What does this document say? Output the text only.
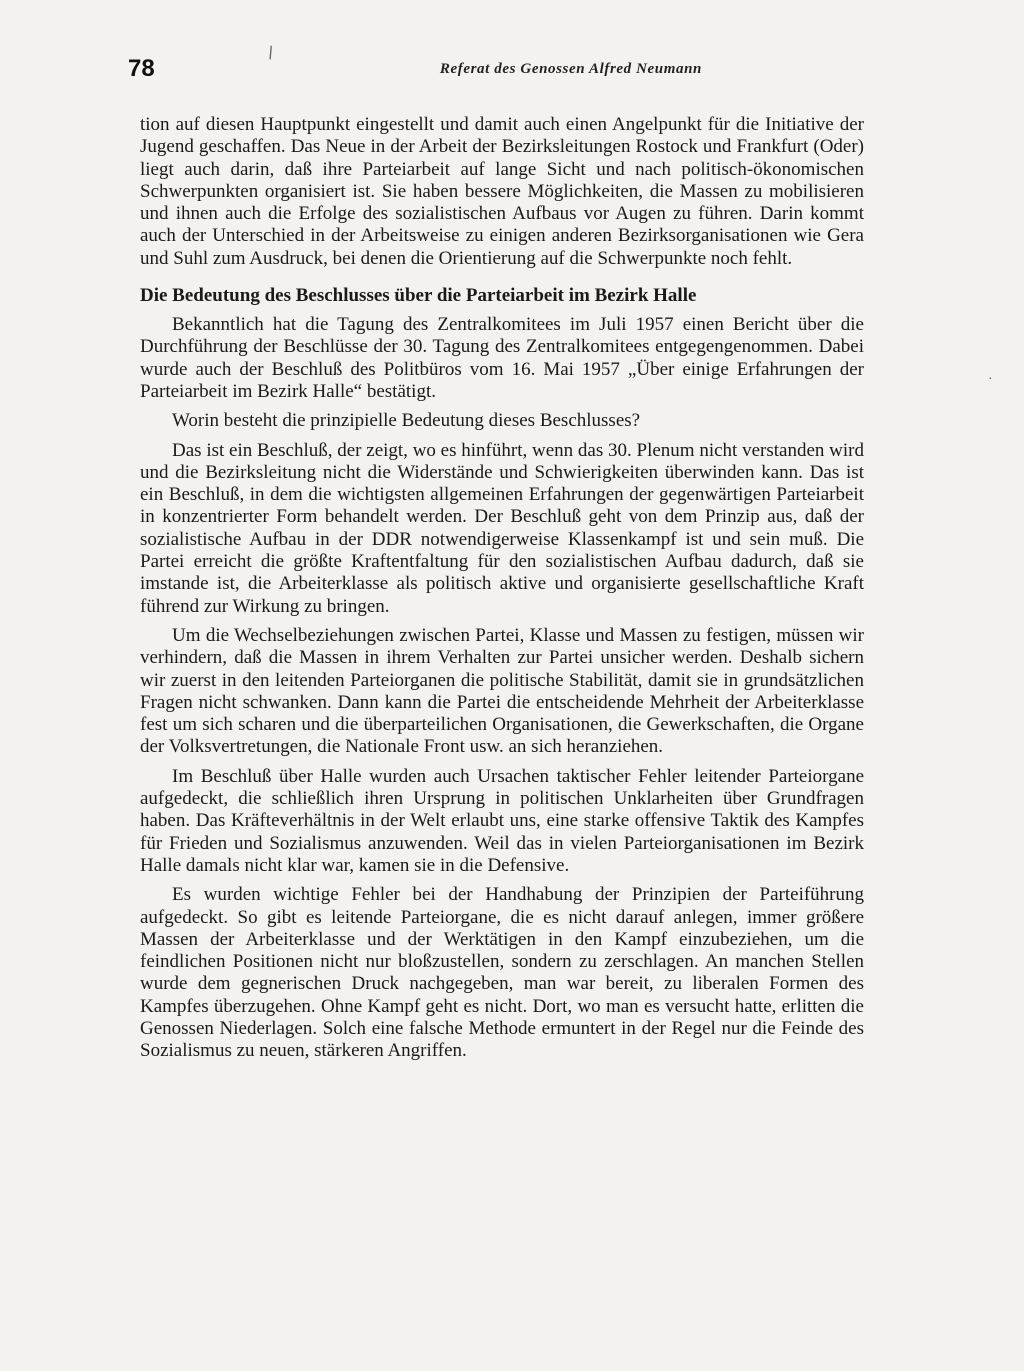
78	Referat des Genossen Alfred Neumann
\
·

tion auf diesen Hauptpunkt eingestellt und damit auch einen Angelpunkt für die Initiative der Jugend geschaffen. Das Neue in der Arbeit der Bezirksleitungen Rostock und Frankfurt (Oder) liegt auch darin, daß ihre Parteiarbeit auf lange Sicht und nach politisch-ökonomischen Schwerpunkten organisiert ist. Sie haben bessere Möglichkeiten, die Massen zu mobilisieren und ihnen auch die Erfolge des sozialistischen Aufbaus vor Augen zu führen. Darin kommt auch der Unterschied in der Arbeitsweise zu einigen anderen Bezirksorganisationen wie Gera und Suhl zum Ausdruck, bei denen die Orientierung auf die Schwerpunkte noch fehlt.

Die Bedeutung des Beschlusses über die Parteiarbeit im Bezirk Halle

Bekanntlich hat die Tagung des Zentralkomitees im Juli 1957 einen Bericht über die Durchführung der Beschlüsse der 30. Tagung des Zentralkomitees entgegengenommen. Dabei wurde auch der Beschluß des Politbüros vom 16. Mai 1957 „Über einige Erfahrungen der Parteiarbeit im Bezirk Halle“ bestätigt.

Worin besteht die prinzipielle Bedeutung dieses Beschlusses?

Das ist ein Beschluß, der zeigt, wo es hinführt, wenn das 30. Plenum nicht verstanden wird und die Bezirksleitung nicht die Widerstände und Schwierigkeiten überwinden kann. Das ist ein Beschluß, in dem die wichtigsten allgemeinen Erfahrungen der gegenwärtigen Parteiarbeit in konzentrierter Form behandelt werden. Der Beschluß geht von dem Prinzip aus, daß der sozialistische Aufbau in der DDR notwendigerweise Klassenkampf ist und sein muß. Die Partei erreicht die größte Kraftentfaltung für den sozialistischen Aufbau dadurch, daß sie imstande ist, die Arbeiterklasse als politisch aktive und organisierte gesellschaftliche Kraft führend zur Wirkung zu bringen.

Um die Wechselbeziehungen zwischen Partei, Klasse und Massen zu festigen, müssen wir verhindern, daß die Massen in ihrem Verhalten zur Partei unsicher werden. Deshalb sichern wir zuerst in den leitenden Parteiorganen die politische Stabilität, damit sie in grundsätzlichen Fragen nicht schwanken. Dann kann die Partei die entscheidende Mehrheit der Arbeiterklasse fest um sich scharen und die überparteilichen Organisationen, die Gewerkschaften, die Organe der Volksvertretungen, die Nationale Front usw. an sich heranziehen.

Im Beschluß über Halle wurden auch Ursachen taktischer Fehler leitender Parteiorgane aufgedeckt, die schließlich ihren Ursprung in politischen Unklarheiten über Grundfragen haben. Das Kräfteverhältnis in der Welt erlaubt uns, eine starke offensive Taktik des Kampfes für Frieden und Sozialismus anzuwenden. Weil das in vielen Parteiorganisationen im Bezirk Halle damals nicht klar war, kamen sie in die Defensive.

Es wurden wichtige Fehler bei der Handhabung der Prinzipien der Parteiführung aufgedeckt. So gibt es leitende Parteiorgane, die es nicht darauf anlegen, immer größere Massen der Arbeiterklasse und der Werktätigen in den Kampf einzubeziehen, um die feindlichen Positionen nicht nur bloßzustellen, sondern zu zerschlagen. An manchen Stellen wurde dem gegnerischen Druck nachgegeben, man war bereit, zu liberalen Formen des Kampfes überzugehen. Ohne Kampf geht es nicht. Dort, wo man es versucht hatte, erlitten die Genossen Niederlagen. Solch eine falsche Methode ermuntert in der Regel nur die Feinde des Sozialismus zu neuen, stärkeren Angriffen.
